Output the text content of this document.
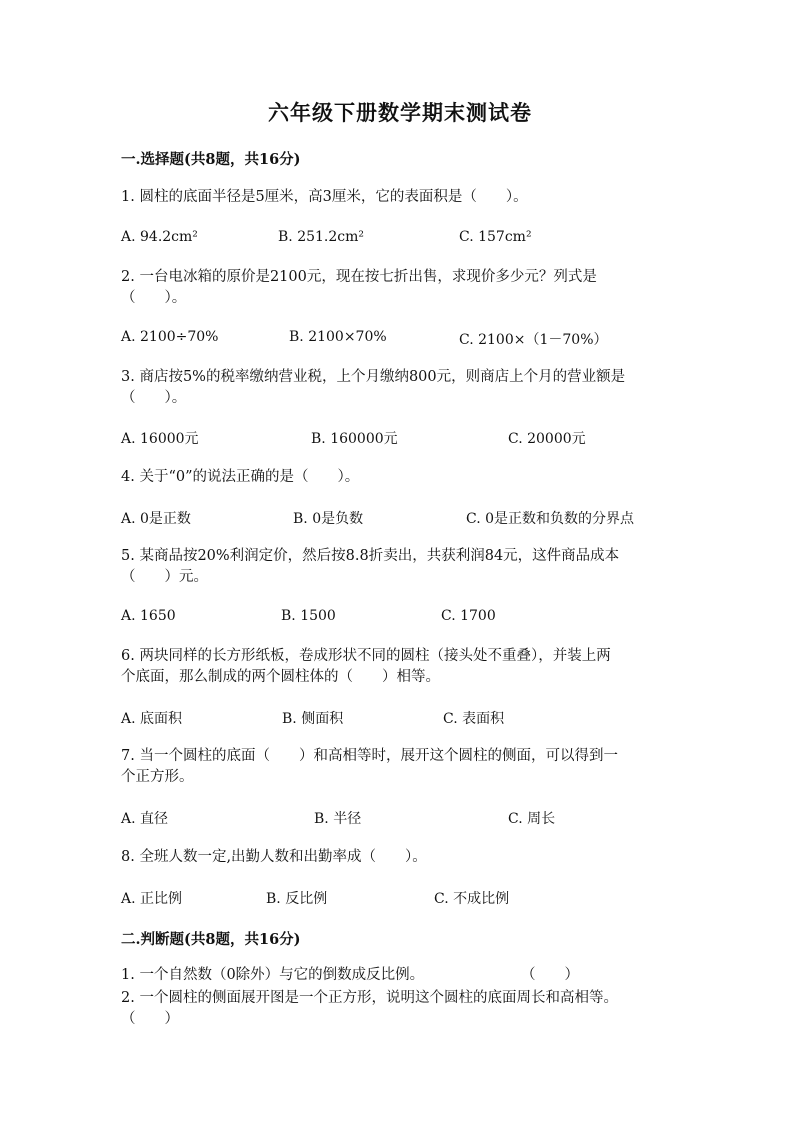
六年级下册数学期末测试卷
一.选择题(共8题，共16分)
1. 圆柱的底面半径是5厘米，高3厘米，它的表面积是（　　）。
A. 94.2cm²	B. 251.2cm²	C. 157cm²
2. 一台电冰箱的原价是2100元，现在按七折出售，求现价多少元？列式是
（　　）。
A. 2100÷70%	B. 2100×70%	C. 2100×（1－70%）
3. 商店按5%的税率缴纳营业税，上个月缴纳800元，则商店上个月的营业额是
（　　）。
A. 16000元	B. 160000元	C. 20000元
4. 关于“0”的说法正确的是（　　）。
A. 0是正数	B. 0是负数	C. 0是正数和负数的分界点
5. 某商品按20%利润定价，然后按8.8折卖出，共获利润84元，这件商品成本
（　　）元。
A. 1650	B. 1500	C. 1700
6. 两块同样的长方形纸板，卷成形状不同的圆柱（接头处不重叠），并装上两
个底面，那么制成的两个圆柱体的（　　）相等。
A. 底面积	B. 侧面积	C. 表面积
7. 当一个圆柱的底面（　　）和高相等时，展开这个圆柱的侧面，可以得到一
个正方形。
A. 直径	B. 半径	C. 周长
8. 全班人数一定,出勤人数和出勤率成（　　）。
A. 正比例	B. 反比例	C. 不成比例
二.判断题(共8题，共16分)
1. 一个自然数（0除外）与它的倒数成反比例。	（　　）
2. 一个圆柱的侧面展开图是一个正方形，说明这个圆柱的底面周长和高相等。
（　　）
